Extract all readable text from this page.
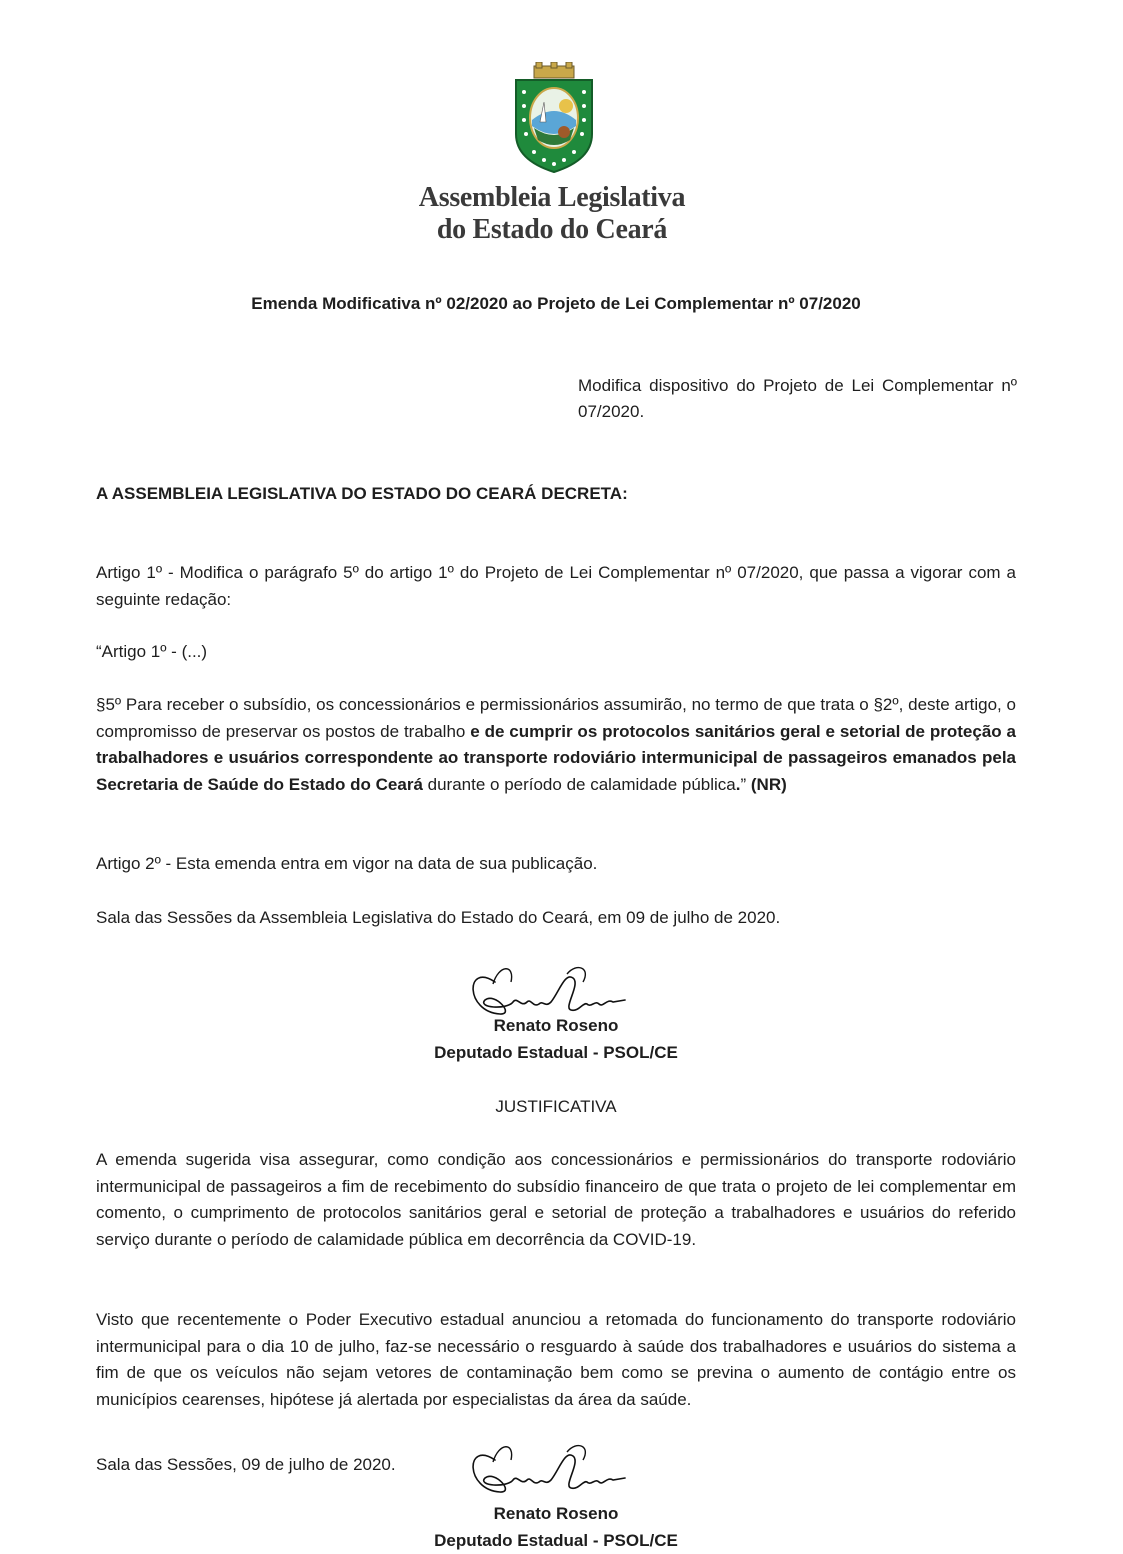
Assembleia Legislativa
do Estado do Ceará
Emenda Modificativa nº 02/2020 ao Projeto de Lei Complementar nº 07/2020
Modifica dispositivo do Projeto de Lei Complementar nº 07/2020.
A ASSEMBLEIA LEGISLATIVA DO ESTADO DO CEARÁ DECRETA:
Artigo 1º - Modifica o parágrafo 5º do artigo 1º do Projeto de Lei Complementar nº 07/2020, que passa a vigorar com a seguinte redação:
“Artigo 1º - (...)
§5º Para receber o subsídio, os concessionários e permissionários assumirão, no termo de que trata o §2º, deste artigo, o compromisso de preservar os postos de trabalho e de cumprir os protocolos sanitários geral e setorial de proteção a trabalhadores e usuários correspondente ao transporte rodoviário intermunicipal de passageiros emanados pela Secretaria de Saúde do Estado do Ceará durante o período de calamidade pública.” (NR)
Artigo 2º - Esta emenda entra em vigor na data de sua publicação.
Sala das Sessões da Assembleia Legislativa do Estado do Ceará, em 09 de julho de 2020.
Renato Roseno
Deputado Estadual - PSOL/CE
JUSTIFICATIVA
A emenda sugerida visa assegurar, como condição aos concessionários e permissionários do transporte rodoviário intermunicipal de passageiros a fim de recebimento do subsídio financeiro de que trata o projeto de lei complementar em comento, o cumprimento de protocolos sanitários geral e setorial de proteção a trabalhadores e usuários do referido serviço durante o período de calamidade pública em decorrência da COVID-19.
Visto que recentemente o Poder Executivo estadual anunciou a retomada do funcionamento do transporte rodoviário intermunicipal para o dia 10 de julho, faz-se necessário o resguardo à saúde dos trabalhadores e usuários do sistema a fim de que os veículos não sejam vetores de contaminação bem como se previna o aumento de contágio entre os municípios cearenses, hipótese já alertada por especialistas da área da saúde.
Sala das Sessões, 09 de julho de 2020.
Renato Roseno
Deputado Estadual - PSOL/CE
